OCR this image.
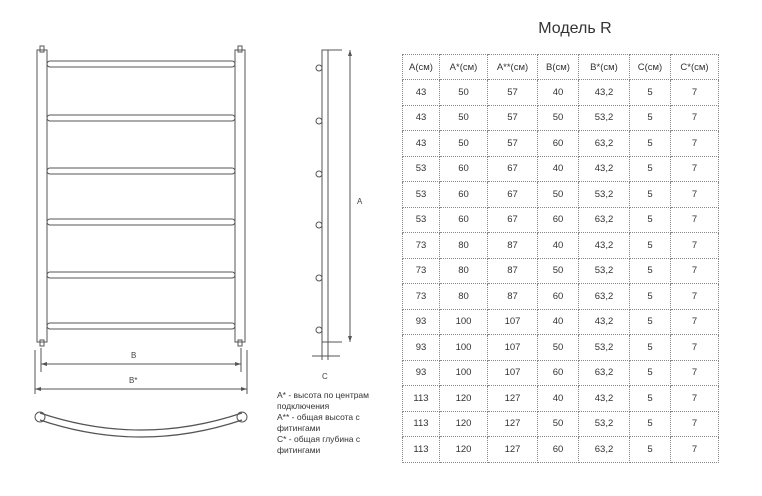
B
B*
A
C
Модель R
A* - высота по центрам подключения
A** - общая высота с фитингами
C* - общая глубина с фитингами
A(см)	A*(см)	A**(см)	B(см)	B*(см)	C(см)	C*(см)
43	50	57	40	43,2	5	7
43	50	57	50	53,2	5	7
43	50	57	60	63,2	5	7
53	60	67	40	43,2	5	7
53	60	67	50	53,2	5	7
53	60	67	60	63,2	5	7
73	80	87	40	43,2	5	7
73	80	87	50	53,2	5	7
73	80	87	60	63,2	5	7
93	100	107	40	43,2	5	7
93	100	107	50	53,2	5	7
93	100	107	60	63,2	5	7
113	120	127	40	43,2	5	7
113	120	127	50	53,2	5	7
113	120	127	60	63,2	5	7
